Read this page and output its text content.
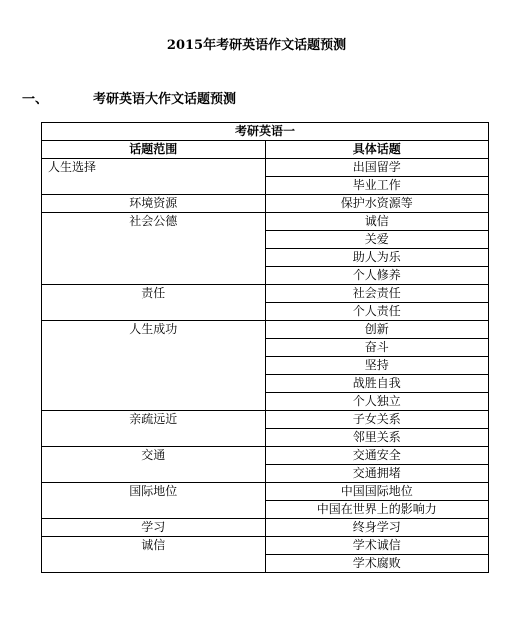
2015年考研英语作文话题预测
一、	考研英语大作文话题预测
考研英语一	
话题范围	具体话题
人生选择	出国留学
	毕业工作
环境资源	保护水资源等
社会公德	诚信
	关爱
	助人为乐
	个人修养
责任	社会责任
	个人责任
人生成功	创新
	奋斗
	坚持
	战胜自我
	个人独立
亲疏远近	子女关系
	邻里关系
交通	交通安全
	交通拥堵
国际地位	中国国际地位
	中国在世界上的影响力
学习	终身学习
诚信	学术诚信
	学术腐败
